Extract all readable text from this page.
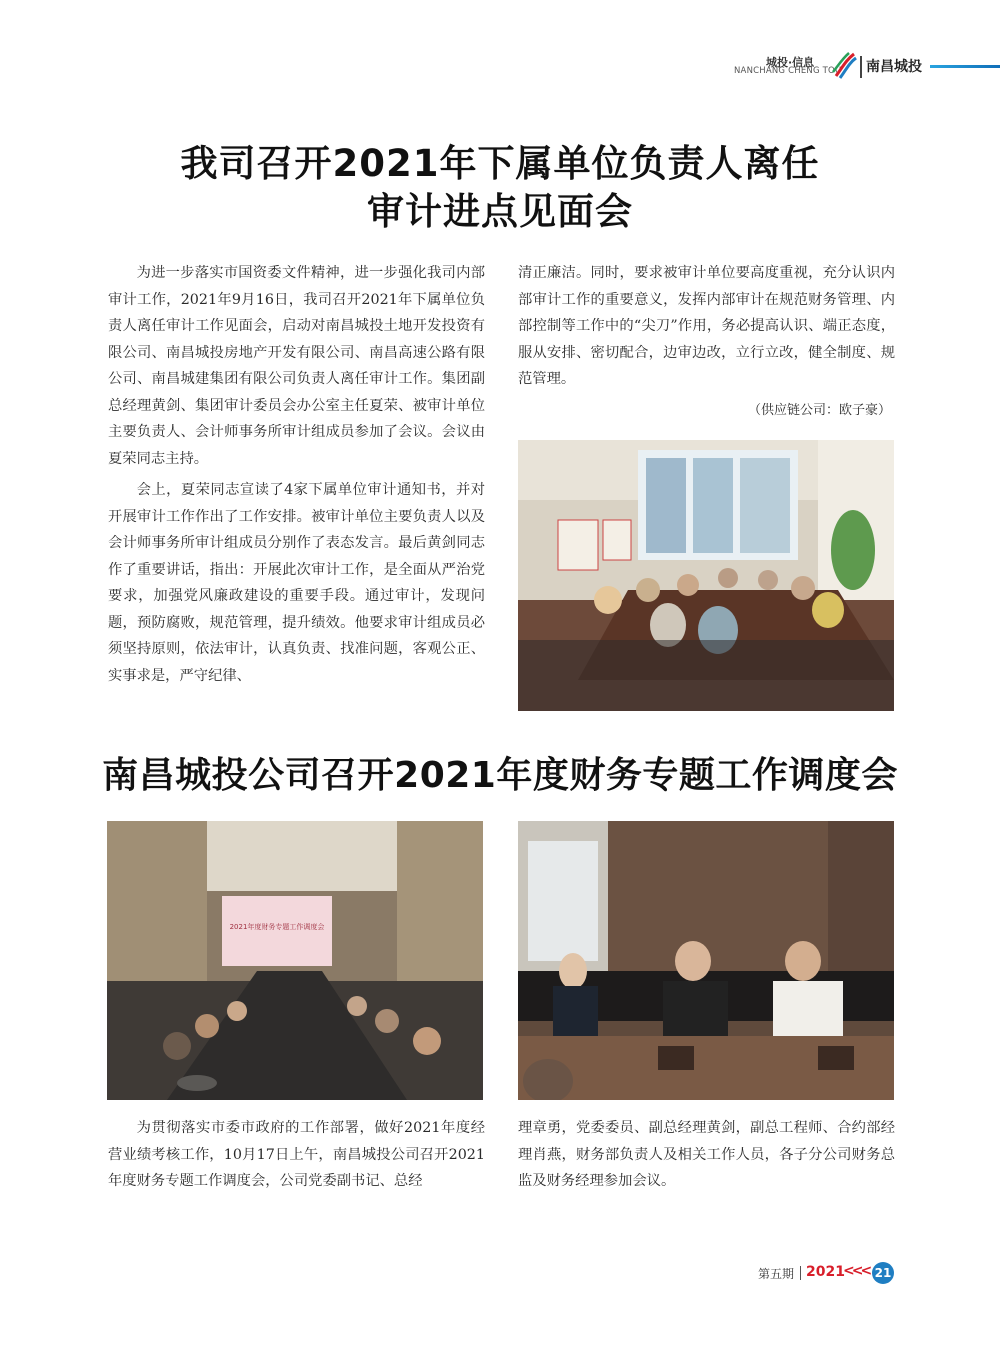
城投·信息
NANCHANG CHENG TOU 南昌城投
我司召开2021年下属单位负责人离任
审计进点见面会

为进一步落实市国资委文件精神，进一步强化我司内部审计工作，2021年9月16日，我司召开2021年下属单位负责人离任审计工作见面会，启动对南昌城投土地开发投资有限公司、南昌城投房地产开发有限公司、南昌高速公路有限公司、南昌城建集团有限公司负责人离任审计工作。集团副总经理黄剑、集团审计委员会办公室主任夏荣、被审计单位主要负责人、会计师事务所审计组成员参加了会议。会议由夏荣同志主持。

会上，夏荣同志宣读了4家下属单位审计通知书，并对开展审计工作作出了工作安排。被审计单位主要负责人以及会计师事务所审计组成员分别作了表态发言。最后黄剑同志作了重要讲话，指出：开展此次审计工作，是全面从严治党要求，加强党风廉政建设的重要手段。通过审计，发现问题，预防腐败，规范管理，提升绩效。他要求审计组成员必须坚持原则，依法审计，认真负责、找准问题，客观公正、实事求是，严守纪律、

清正廉洁。同时，要求被审计单位要高度重视，充分认识内部审计工作的重要意义，发挥内部审计在规范财务管理、内部控制等工作中的“尖刀”作用，务必提高认识、端正态度，服从安排、密切配合，边审边改，立行立改，健全制度、规范管理。

（供应链公司：欧子豪）
南昌城投公司召开2021年度财务专题工作调度会
2021年度财务专题工作调度会

为贯彻落实市委市政府的工作部署，做好2021年度经营业绩考核工作，10月17日上午，南昌城投公司召开2021年度财务专题工作调度会，公司党委副书记、总经

理章勇，党委委员、副总经理黄剑，副总工程师、合约部经理肖燕，财务部负责人及相关工作人员，各子分公司财务总监及财务经理参加会议。

第五期 2021
<<< 21
